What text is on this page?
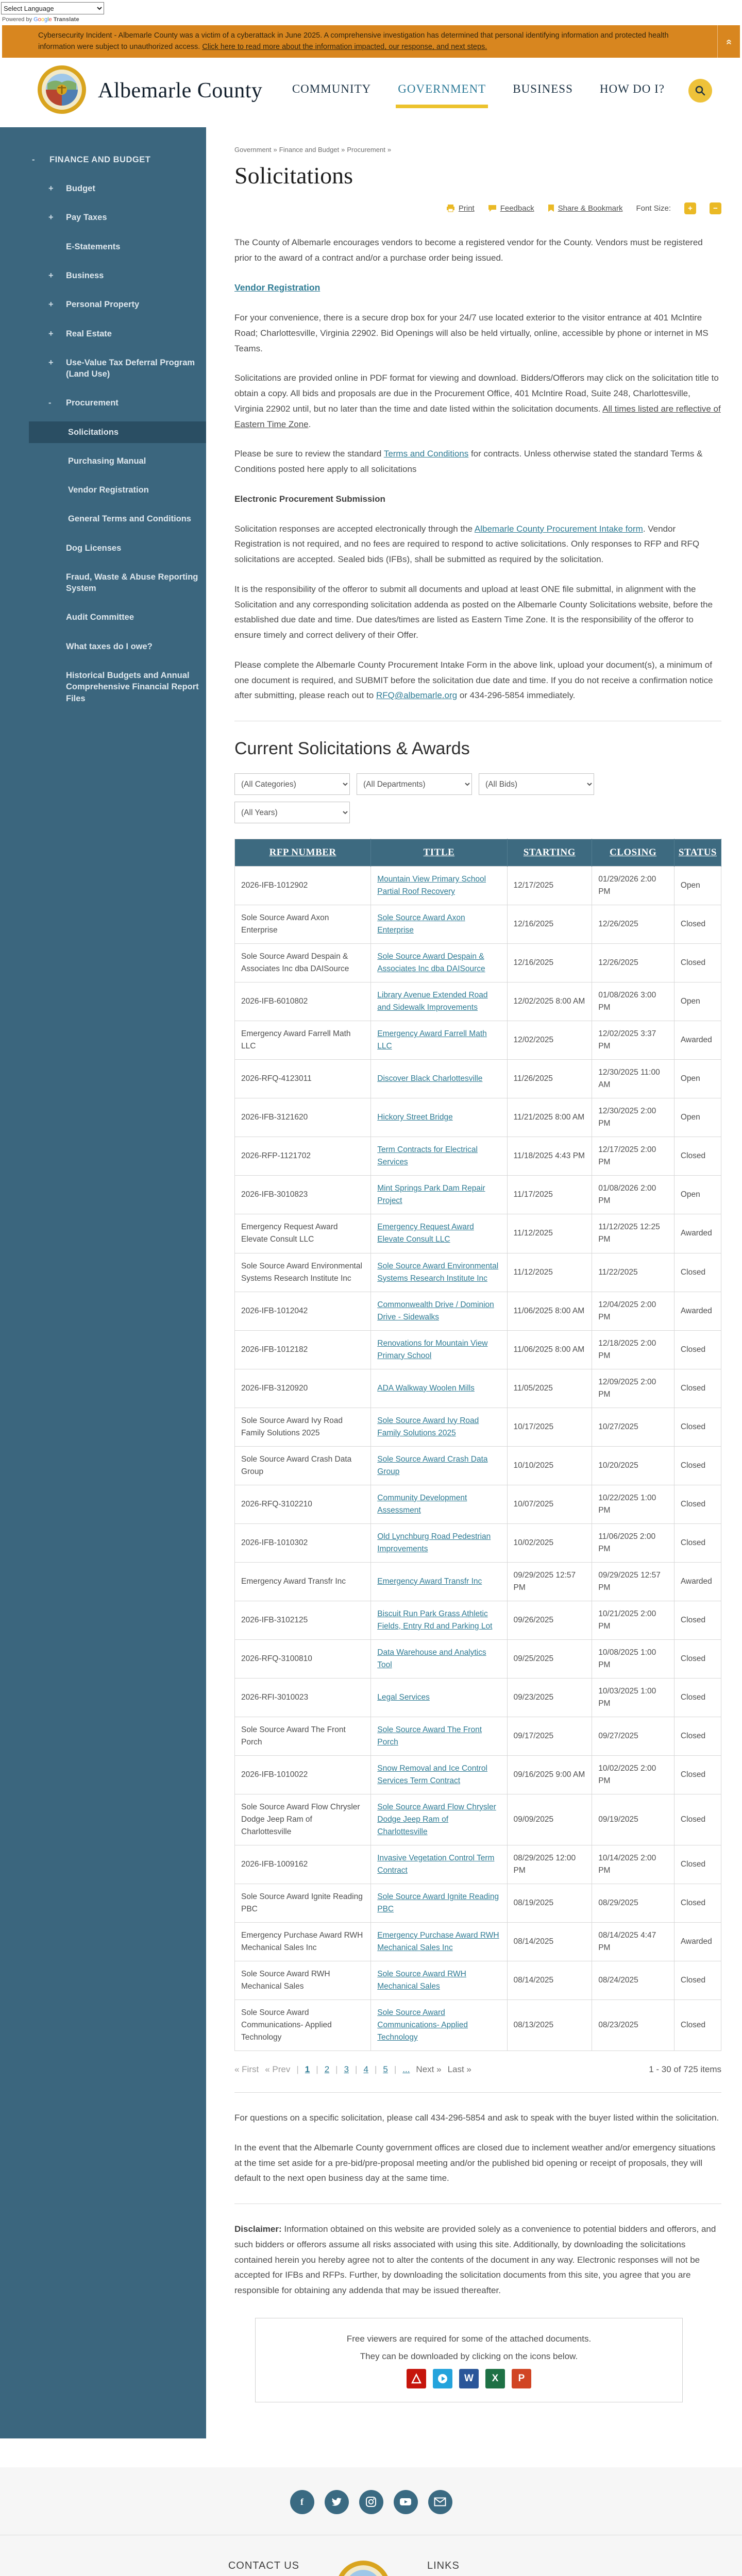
Select Language
Powered by Google Translate
Cybersecurity Incident - Albemarle County was a victim of a cyberattack in June 2025. A comprehensive investigation has determined that personal identifying information and protected health information were subject to unauthorized access. Click here to read more about the information impacted, our response, and next steps.
«
Albemarle County	COMMUNITY GOVERNMENT BUSINESS HOW DO I?
-	FINANCE AND BUDGET
+	Budget
+	Pay Taxes
E-Statements
+	Business
+	Personal Property
+	Real Estate
+	Use-Value Tax Deferral Program (Land Use)
-	Procurement
Solicitations
Purchasing Manual
Vendor Registration
General Terms and Conditions
Dog Licenses
Fraud, Waste & Abuse Reporting System
Audit Committee
What taxes do I owe?
Historical Budgets and Annual Comprehensive Financial Report Files
Government » Finance and Budget » Procurement »
Solicitations
Print	Feedback	Share & Bookmark Font Size:	+	−

The County of Albemarle encourages vendors to become a registered vendor for the County. Vendors must be registered prior to the award of a contract and/or a purchase order being issued.

Vendor Registration

For your convenience, there is a secure drop box for your 24/7 use located exterior to the visitor entrance at 401 McIntire Road; Charlottesville, Virginia 22902. Bid Openings will also be held virtually, online, accessible by phone or internet in MS Teams.

Solicitations are provided online in PDF format for viewing and download. Bidders/Offerors may click on the solicitation title to obtain a copy. All bids and proposals are due in the Procurement Office, 401 McIntire Road, Suite 248, Charlottesville, Virginia 22902 until, but no later than the time and date listed within the solicitation documents. All times listed are reflective of Eastern Time Zone.

Please be sure to review the standard Terms and Conditions for contracts. Unless otherwise stated the standard Terms & Conditions posted here apply to all solicitations

Electronic Procurement Submission

Solicitation responses are accepted electronically through the Albemarle County Procurement Intake form. Vendor Registration is not required, and no fees are required to respond to active solicitations. Only responses to RFP and RFQ solicitations are accepted. Sealed bids (IFBs), shall be submitted as required by the solicitation.

It is the responsibility of the offeror to submit all documents and upload at least ONE file submittal, in alignment with the Solicitation and any corresponding solicitation addenda as posted on the Albemarle County Solicitations website, before the established due date and time. Due dates/times are listed as Eastern Time Zone. It is the responsibility of the offeror to ensure timely and correct delivery of their Offer.

Please complete the Albemarle County Procurement Intake Form in the above link, upload your document(s), a minimum of one document is required, and SUBMIT before the solicitation due date and time. If you do not receive a confirmation notice after submitting, please reach out to RFQ@albemarle.org or 434-296-5854 immediately.

Current Solicitations & Awards
(All Categories)
(All Departments)
(All Bids)
(All Years)
RFP NUMBER	TITLE	STARTING	CLOSING	STATUS
2026-IFB-1012902	Mountain View Primary School Partial Roof Recovery	12/17/2025	01/29/2026 2:00 PM	Open
Sole Source Award Axon Enterprise	Sole Source Award Axon Enterprise	12/16/2025	12/26/2025	Closed
Sole Source Award Despain & Associates Inc dba DAISource	Sole Source Award Despain & Associates Inc dba DAISource	12/16/2025	12/26/2025	Closed
2026-IFB-6010802	Library Avenue Extended Road and Sidewalk Improvements	12/02/2025 8:00 AM	01/08/2026 3:00 PM	Open
Emergency Award Farrell Math LLC	Emergency Award Farrell Math LLC	12/02/2025	12/02/2025 3:37 PM	Awarded
2026-RFQ-4123011	Discover Black Charlottesville	11/26/2025	12/30/2025 11:00 AM	Open
2026-IFB-3121620	Hickory Street Bridge	11/21/2025 8:00 AM	12/30/2025 2:00 PM	Open
2026-RFP-1121702	Term Contracts for Electrical Services	11/18/2025 4:43 PM	12/17/2025 2:00 PM	Closed
2026-IFB-3010823	Mint Springs Park Dam Repair Project	11/17/2025	01/08/2026 2:00 PM	Open
Emergency Request Award Elevate Consult LLC	Emergency Request Award Elevate Consult LLC	11/12/2025	11/12/2025 12:25 PM	Awarded
Sole Source Award Environmental Systems Research Institute Inc	Sole Source Award Environmental Systems Research Institute Inc	11/12/2025	11/22/2025	Closed
2026-IFB-1012042	Commonwealth Drive / Dominion Drive - Sidewalks	11/06/2025 8:00 AM	12/04/2025 2:00 PM	Awarded
2026-IFB-1012182	Renovations for Mountain View Primary School	11/06/2025 8:00 AM	12/18/2025 2:00 PM	Closed
2026-IFB-3120920	ADA Walkway Woolen Mills	11/05/2025	12/09/2025 2:00 PM	Closed
Sole Source Award Ivy Road Family Solutions 2025	Sole Source Award Ivy Road Family Solutions 2025	10/17/2025	10/27/2025	Closed
Sole Source Award Crash Data Group	Sole Source Award Crash Data Group	10/10/2025	10/20/2025	Closed
2026-RFQ-3102210	Community Development Assessment	10/07/2025	10/22/2025 1:00 PM	Closed
2026-IFB-1010302	Old Lynchburg Road Pedestrian Improvements	10/02/2025	11/06/2025 2:00 PM	Closed
Emergency Award Transfr Inc	Emergency Award Transfr Inc	09/29/2025 12:57 PM	09/29/2025 12:57 PM	Awarded
2026-IFB-3102125	Biscuit Run Park Grass Athletic Fields, Entry Rd and Parking Lot	09/26/2025	10/21/2025 2:00 PM	Closed
2026-RFQ-3100810	Data Warehouse and Analytics Tool	09/25/2025	10/08/2025 1:00 PM	Closed
2026-RFI-3010023	Legal Services	09/23/2025	10/03/2025 1:00 PM	Closed
Sole Source Award The Front Porch	Sole Source Award The Front Porch	09/17/2025	09/27/2025	Closed
2026-IFB-1010022	Snow Removal and Ice Control Services Term Contract	09/16/2025 9:00 AM	10/02/2025 2:00 PM	Closed
Sole Source Award Flow Chrysler Dodge Jeep Ram of Charlottesville	Sole Source Award Flow Chrysler Dodge Jeep Ram of Charlottesville	09/09/2025	09/19/2025	Closed
2026-IFB-1009162	Invasive Vegetation Control Term Contract	08/29/2025 12:00 PM	10/14/2025 2:00 PM	Closed
Sole Source Award Ignite Reading PBC	Sole Source Award Ignite Reading PBC	08/19/2025	08/29/2025	Closed
Emergency Purchase Award RWH Mechanical Sales Inc	Emergency Purchase Award RWH Mechanical Sales Inc	08/14/2025	08/14/2025 4:47 PM	Awarded
Sole Source Award RWH Mechanical Sales	Sole Source Award RWH Mechanical Sales	08/14/2025	08/24/2025	Closed
Sole Source Award Communications- Applied Technology	Sole Source Award Communications- Applied Technology	08/13/2025	08/23/2025	Closed
« First « Prev | 1 | 2 | 3 | 4 | 5 | ... Next » Last »	1 - 30 of 725 items

For questions on a specific solicitation, please call 434-296-5854 and ask to speak with the buyer listed within the solicitation.

In the event that the Albemarle County government offices are closed due to inclement weather and/or emergency situations at the time set aside for a pre-bid/pre-proposal meeting and/or the published bid opening or receipt of proposals, they will default to the next open business day at the same time.

Disclaimer: Information obtained on this website are provided solely as a convenience to potential bidders and offerors, and such bidders or offerors assume all risks associated with using this site. Additionally, by downloading the solicitations contained herein you hereby agree not to alter the contents of the document in any way. Electronic responses will not be accepted for IFBs and RFPs. Further, by downloading the solicitation documents from this site, you agree that you are responsible for obtaining any addenda that may be issued thereafter.

Free viewers are required for some of the attached documents.

They can be downloaded by clicking on the icons below.

W	X	P
f
CONTACT US	LINKS
